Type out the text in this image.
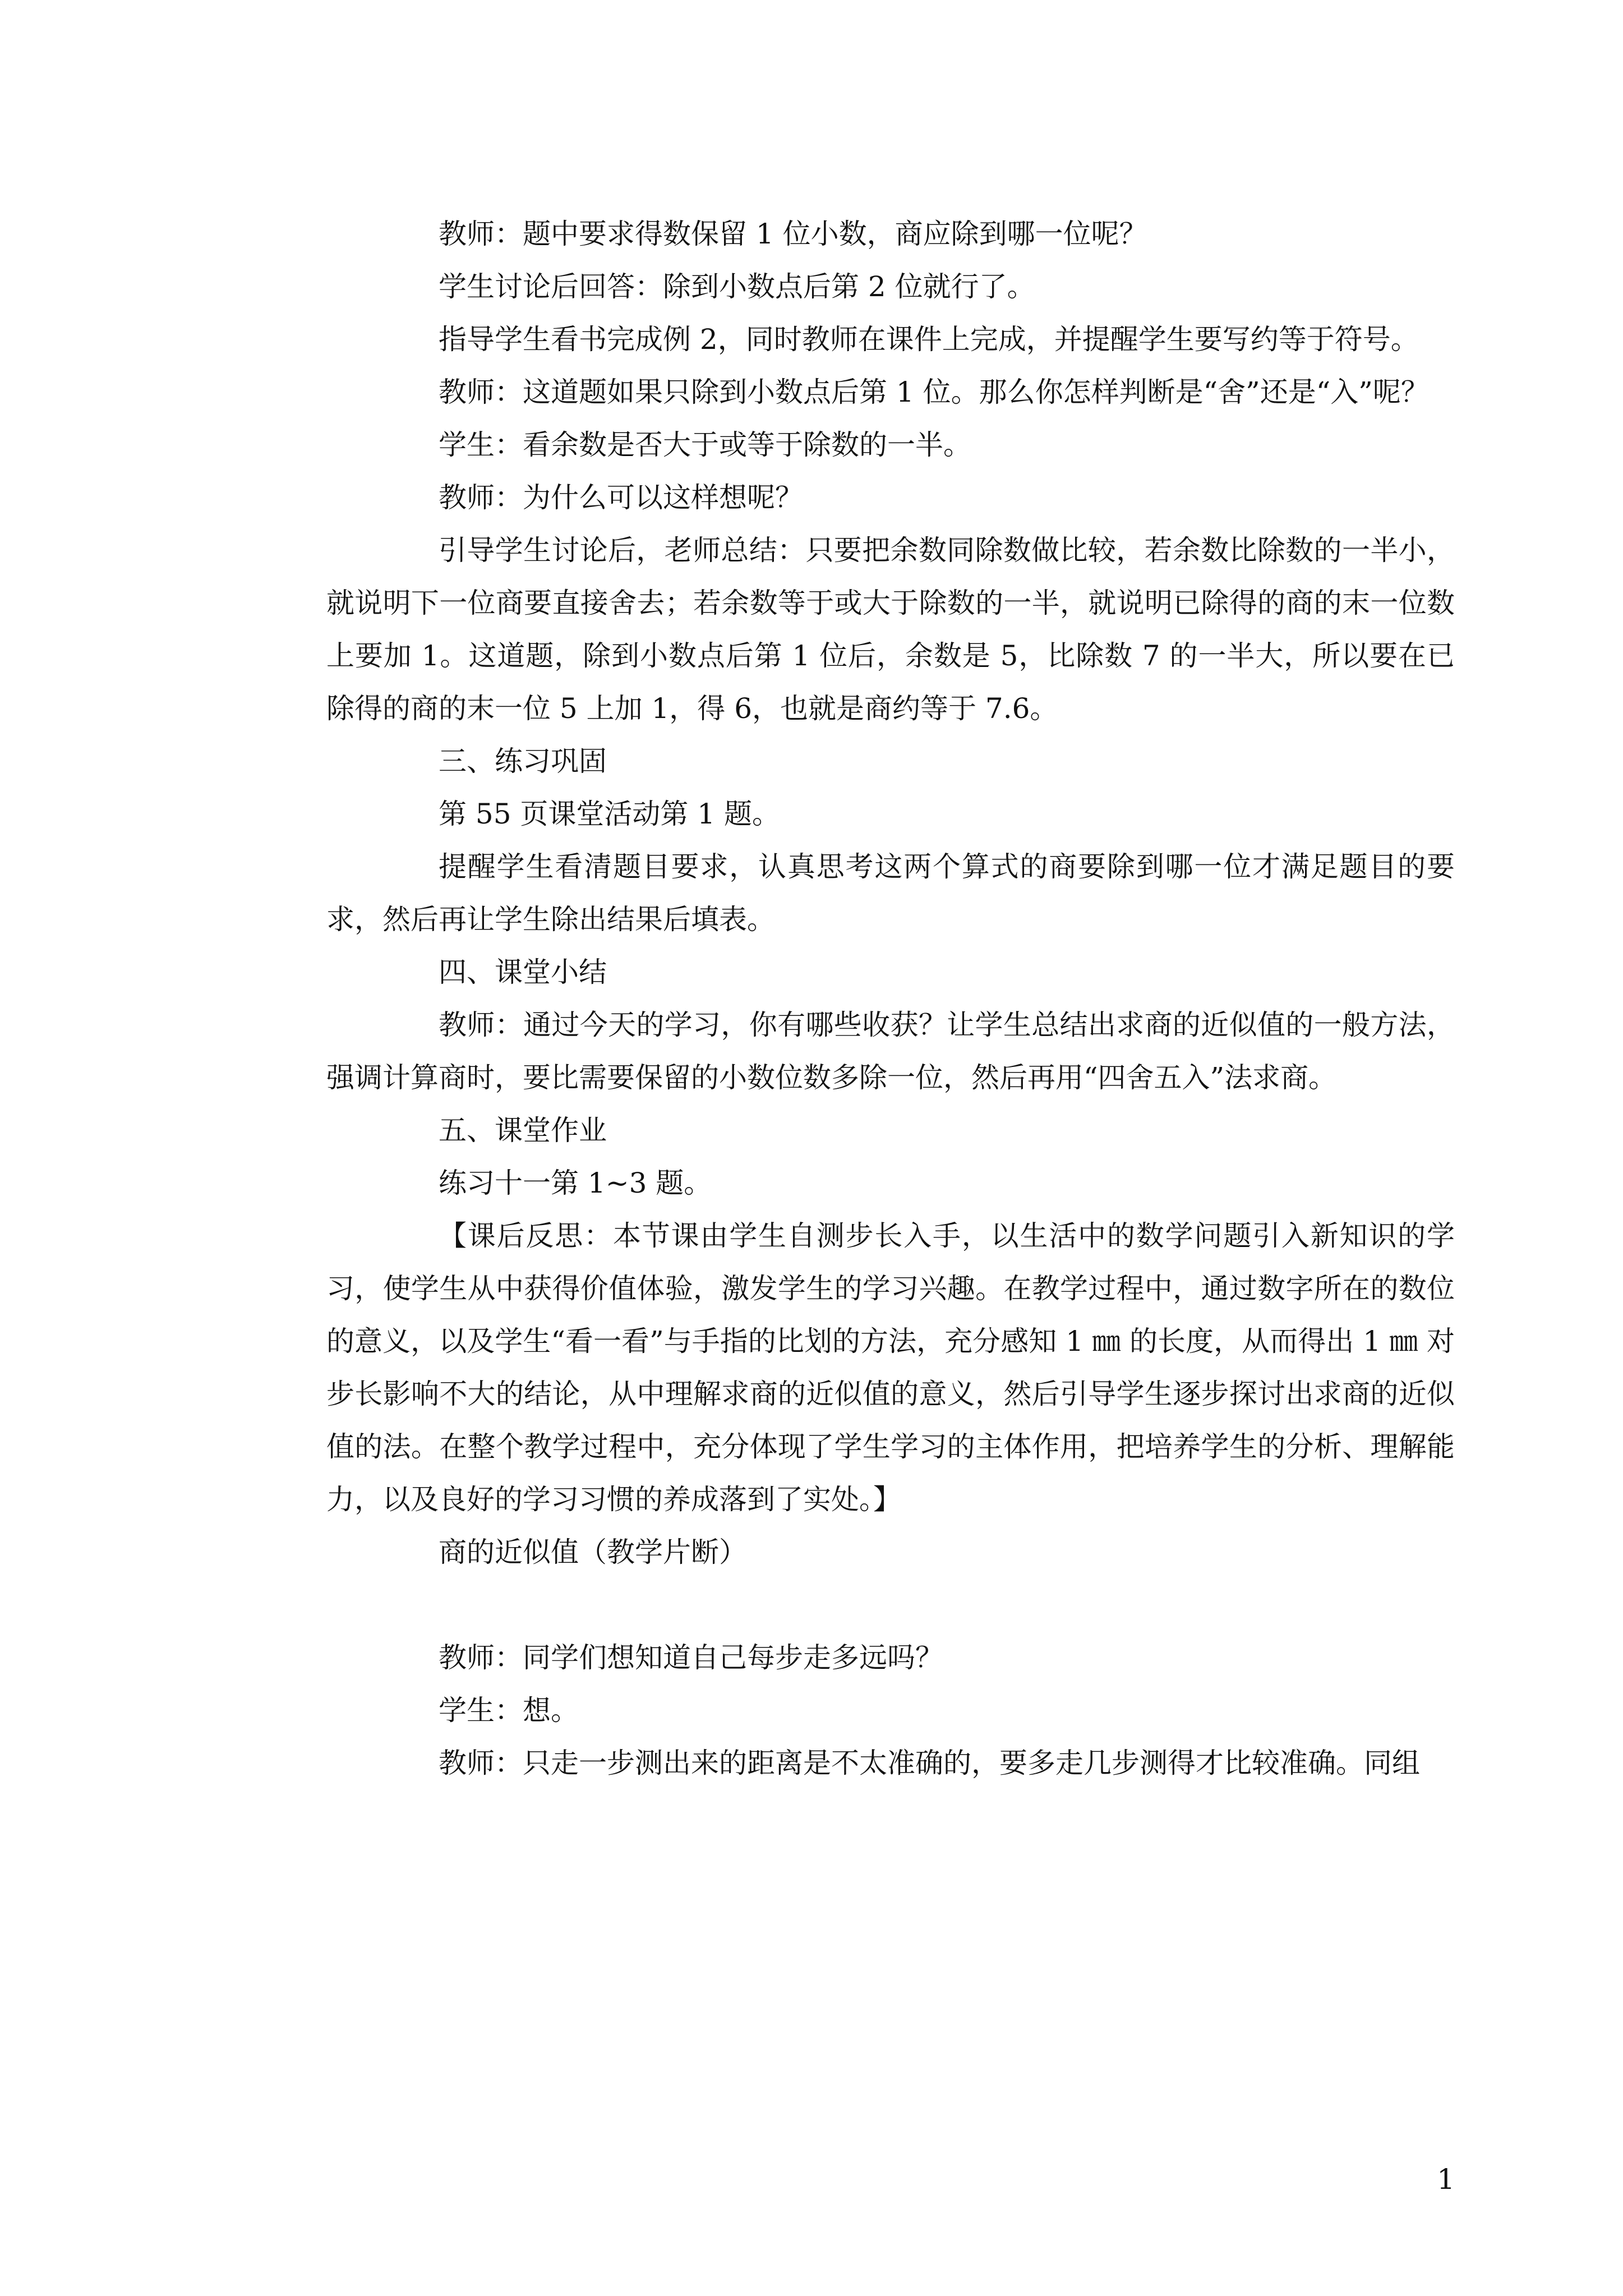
教师：题中要求得数保留 1 位小数，商应除到哪一位呢？

学生讨论后回答：除到小数点后第 2 位就行了。

指导学生看书完成例 2，同时教师在课件上完成，并提醒学生要写约等于符号。

教师：这道题如果只除到小数点后第 1 位。那么你怎样判断是“舍”还是“入”呢？

学生：看余数是否大于或等于除数的一半。

教师：为什么可以这样想呢？

引导学生讨论后，老师总结：只要把余数同除数做比较，若余数比除数的一半小，就说明下一位商要直接舍去；若余数等于或大于除数的一半，就说明已除得的商的末一位数上要加 1。这道题，除到小数点后第 1 位后，余数是 5，比除数 7 的一半大，所以要在已除得的商的末一位 5 上加 1，得 6，也就是商约等于 7.6。

三、练习巩固

第 55 页课堂活动第 1 题。

提醒学生看清题目要求，认真思考这两个算式的商要除到哪一位才满足题目的要求，然后再让学生除出结果后填表。

四、课堂小结

教师：通过今天的学习，你有哪些收获？让学生总结出求商的近似值的一般方法，强调计算商时，要比需要保留的小数位数多除一位，然后再用“四舍五入”法求商。

五、课堂作业

练习十一第 1~3 题。

【课后反思：本节课由学生自测步长入手，以生活中的数学问题引入新知识的学习，使学生从中获得价值体验，激发学生的学习兴趣。在教学过程中，通过数字所在的数位的意义，以及学生“看一看”与手指的比划的方法，充分感知 1 ㎜ 的长度，从而得出 1 ㎜ 对步长影响不大的结论，从中理解求商的近似值的意义，然后引导学生逐步探讨出求商的近似值的法。在整个教学过程中，充分体现了学生学习的主体作用，把培养学生的分析、理解能力，以及良好的学习习惯的养成落到了实处。】

商的近似值（教学片断）

教师：同学们想知道自己每步走多远吗？

学生：想。

教师：只走一步测出来的距离是不太准确的，要多走几步测得才比较准确。同组

1
